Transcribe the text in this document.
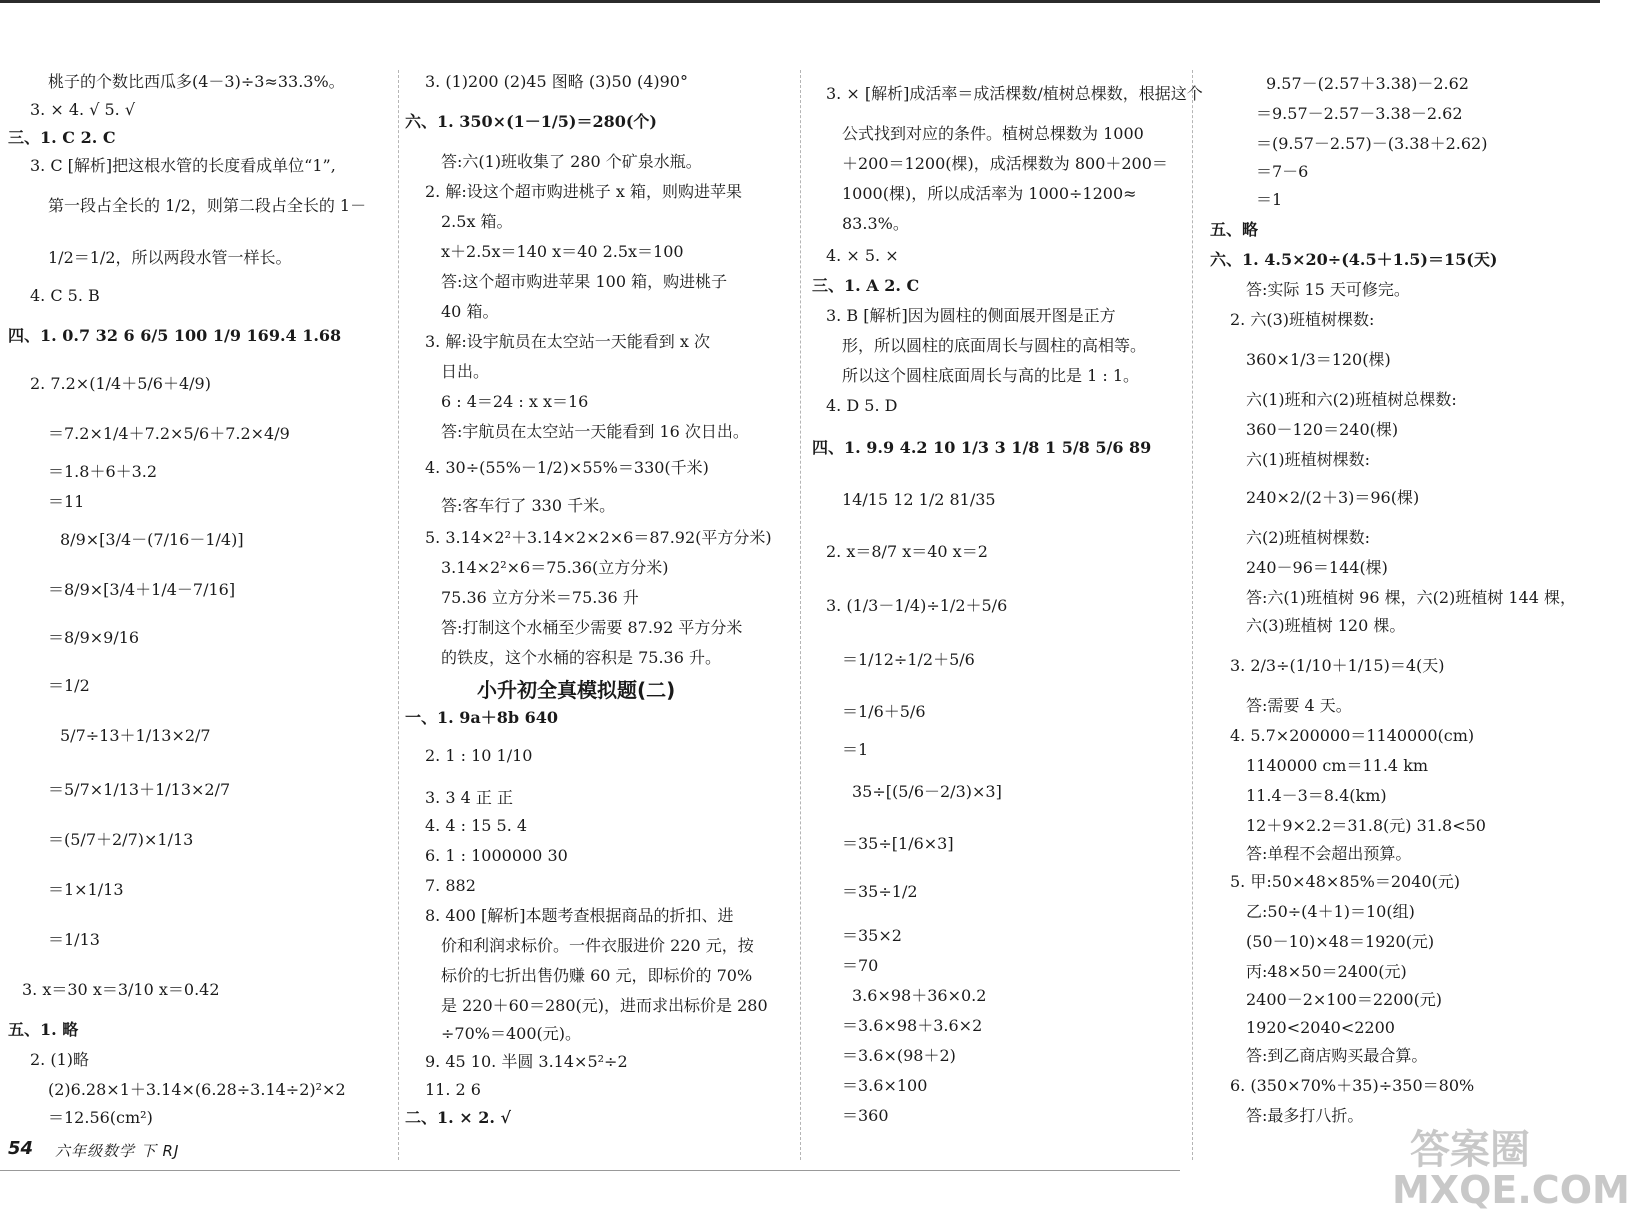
桃子的个数比西瓜多(4－3)÷3≈33.3%。
3. × 4. √ 5. √
三、1. C 2. C
3. C [解析]把这根水管的长度看成单位“1”,
第一段占全长的 1/2，则第二段占全长的 1－
1/2＝1/2，所以两段水管一样长。
4. C 5. B
四、1. 0.7 32 6 6/5 100 1/9 169.4 1.68
2. 7.2×(1/4＋5/6＋4/9)
＝7.2×1/4＋7.2×5/6＋7.2×4/9
＝1.8＋6＋3.2
＝11
8/9×[3/4－(7/16－1/4)]
＝8/9×[3/4＋1/4－7/16]
＝8/9×9/16
＝1/2
5/7÷13＋1/13×2/7
＝5/7×1/13＋1/13×2/7
＝(5/7＋2/7)×1/13
＝1×1/13
＝1/13
3. x＝30 x＝3/10 x＝0.42
五、1. 略
2. (1)略
(2)6.28×1＋3.14×(6.28÷3.14÷2)²×2
＝12.56(cm²)
3. (1)200 (2)45 图略 (3)50 (4)90°
六、1. 350×(1－1/5)＝280(个)
答:六(1)班收集了 280 个矿泉水瓶。
2. 解:设这个超市购进桃子 x 箱，则购进苹果
2.5x 箱。
x＋2.5x＝140 x＝40 2.5x＝100
答:这个超市购进苹果 100 箱，购进桃子
40 箱。
3. 解:设宇航员在太空站一天能看到 x 次
日出。
6 : 4＝24 : x x＝16
答:宇航员在太空站一天能看到 16 次日出。
4. 30÷(55%－1/2)×55%＝330(千米)
答:客车行了 330 千米。
5. 3.14×2²＋3.14×2×2×6＝87.92(平方分米)
3.14×2²×6＝75.36(立方分米)
75.36 立方分米＝75.36 升
答:打制这个水桶至少需要 87.92 平方分米
的铁皮，这个水桶的容积是 75.36 升。
小升初全真模拟题(二)
一、1. 9a＋8b 640
2. 1 : 10 1/10
3. 3 4 正 正
4. 4 : 15 5. 4
6. 1 : 1000000 30
7. 882
8. 400 [解析]本题考查根据商品的折扣、进
价和利润求标价。一件衣服进价 220 元，按
标价的七折出售仍赚 60 元，即标价的 70%
是 220＋60＝280(元)，进而求出标价是 280
÷70%＝400(元)。
9. 45 10. 半圆 3.14×5²÷2
11. 2 6
二、1. × 2. √
3. × [解析]成活率＝成活棵数/植树总棵数，根据这个
公式找到对应的条件。植树总棵数为 1000
＋200＝1200(棵)，成活棵数为 800＋200＝
1000(棵)，所以成活率为 1000÷1200≈
83.3%。
4. × 5. ×
三、1. A 2. C
3. B [解析]因为圆柱的侧面展开图是正方
形，所以圆柱的底面周长与圆柱的高相等。
所以这个圆柱底面周长与高的比是 1 : 1。
4. D 5. D
四、1. 9.9 4.2 10 1/3 3 1/8 1 5/8 5/6 89
14/15 12 1/2 81/35
2. x＝8/7 x＝40 x＝2
3. (1/3－1/4)÷1/2＋5/6
＝1/12÷1/2＋5/6
＝1/6＋5/6
＝1
35÷[(5/6－2/3)×3]
＝35÷[1/6×3]
＝35÷1/2
＝35×2
＝70
3.6×98＋36×0.2
＝3.6×98＋3.6×2
＝3.6×(98＋2)
＝3.6×100
＝360
9.57－(2.57＋3.38)－2.62
＝9.57－2.57－3.38－2.62
＝(9.57－2.57)－(3.38＋2.62)
＝7－6
＝1
五、略
六、1. 4.5×20÷(4.5＋1.5)＝15(天)
答:实际 15 天可修完。
2. 六(3)班植树棵数:
360×1/3＝120(棵)
六(1)班和六(2)班植树总棵数:
360－120＝240(棵)
六(1)班植树棵数:
240×2/(2＋3)＝96(棵)
六(2)班植树棵数:
240－96＝144(棵)
答:六(1)班植树 96 棵，六(2)班植树 144 棵，
六(3)班植树 120 棵。
3. 2/3÷(1/10＋1/15)＝4(天)
答:需要 4 天。
4. 5.7×200000＝1140000(cm)
1140000 cm＝11.4 km
11.4－3＝8.4(km)
12＋9×2.2＝31.8(元) 31.8<50
答:单程不会超出预算。
5. 甲:50×48×85%＝2040(元)
乙:50÷(4＋1)＝10(组)
(50－10)×48＝1920(元)
丙:48×50＝2400(元)
2400－2×100＝2200(元)
1920<2040<2200
答:到乙商店购买最合算。
6. (350×70%＋35)÷350＝80%
答:最多打八折。
54 六年级数学 下 RJ	答案圈
MXQE.COM
